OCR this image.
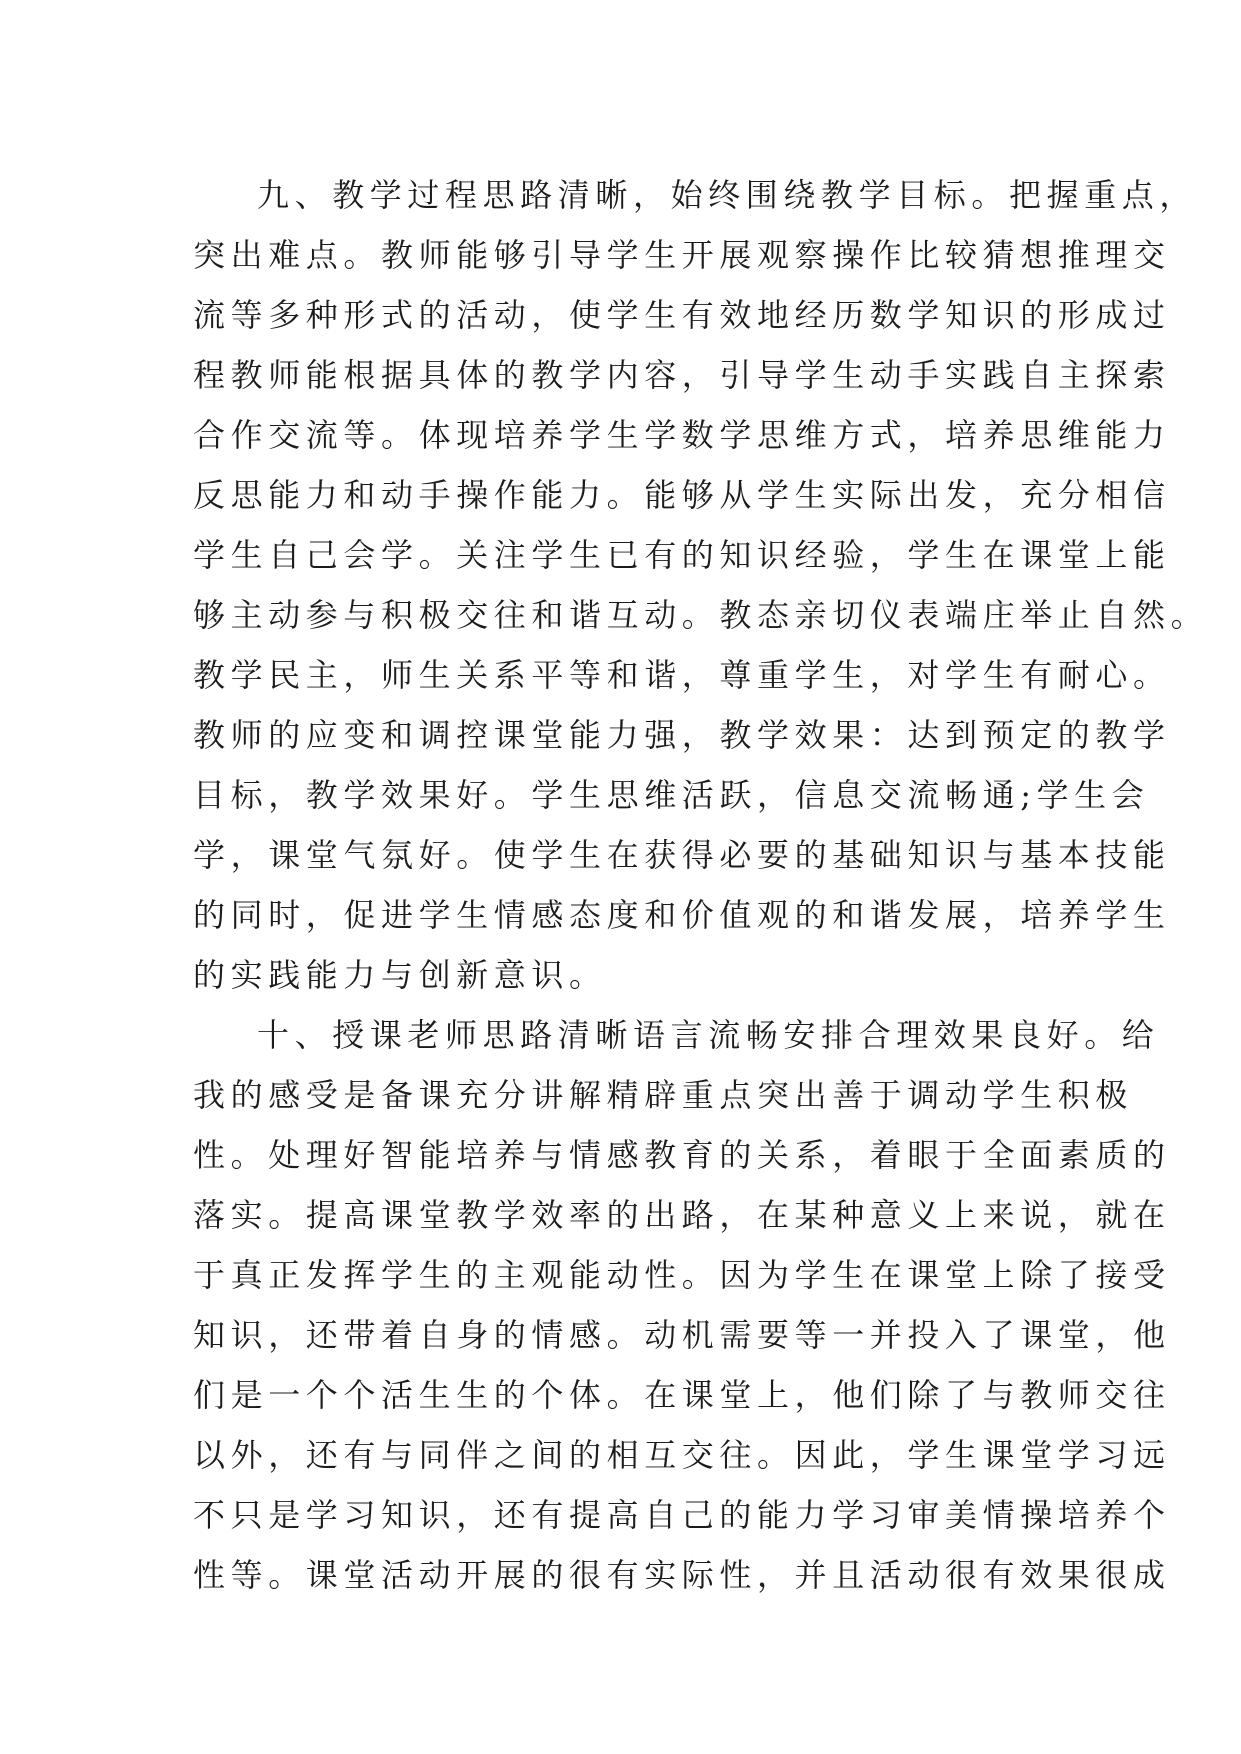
九、教学过程思路清晰，始终围绕教学目标。把握重点，
突出难点。教师能够引导学生开展观察操作比较猜想推理交
流等多种形式的活动，使学生有效地经历数学知识的形成过
程教师能根据具体的教学内容，引导学生动手实践自主探索
合作交流等。体现培养学生学数学思维方式，培养思维能力
反思能力和动手操作能力。能够从学生实际出发，充分相信
学生自己会学。关注学生已有的知识经验，学生在课堂上能
够主动参与积极交往和谐互动。教态亲切仪表端庄举止自然。
教学民主，师生关系平等和谐，尊重学生，对学生有耐心。
教师的应变和调控课堂能力强，教学效果：达到预定的教学
目标，教学效果好。学生思维活跃，信息交流畅通;学生会
学，课堂气氛好。使学生在获得必要的基础知识与基本技能
的同时，促进学生情感态度和价值观的和谐发展，培养学生
的实践能力与创新意识。
十、授课老师思路清晰语言流畅安排合理效果良好。给
我的感受是备课充分讲解精辟重点突出善于调动学生积极
性。处理好智能培养与情感教育的关系，着眼于全面素质的
落实。提高课堂教学效率的出路，在某种意义上来说，就在
于真正发挥学生的主观能动性。因为学生在课堂上除了接受
知识，还带着自身的情感。动机需要等一并投入了课堂，他
们是一个个活生生的个体。在课堂上，他们除了与教师交往
以外，还有与同伴之间的相互交往。因此，学生课堂学习远
不只是学习知识，还有提高自己的能力学习审美情操培养个
性等。课堂活动开展的很有实际性，并且活动很有效果很成
